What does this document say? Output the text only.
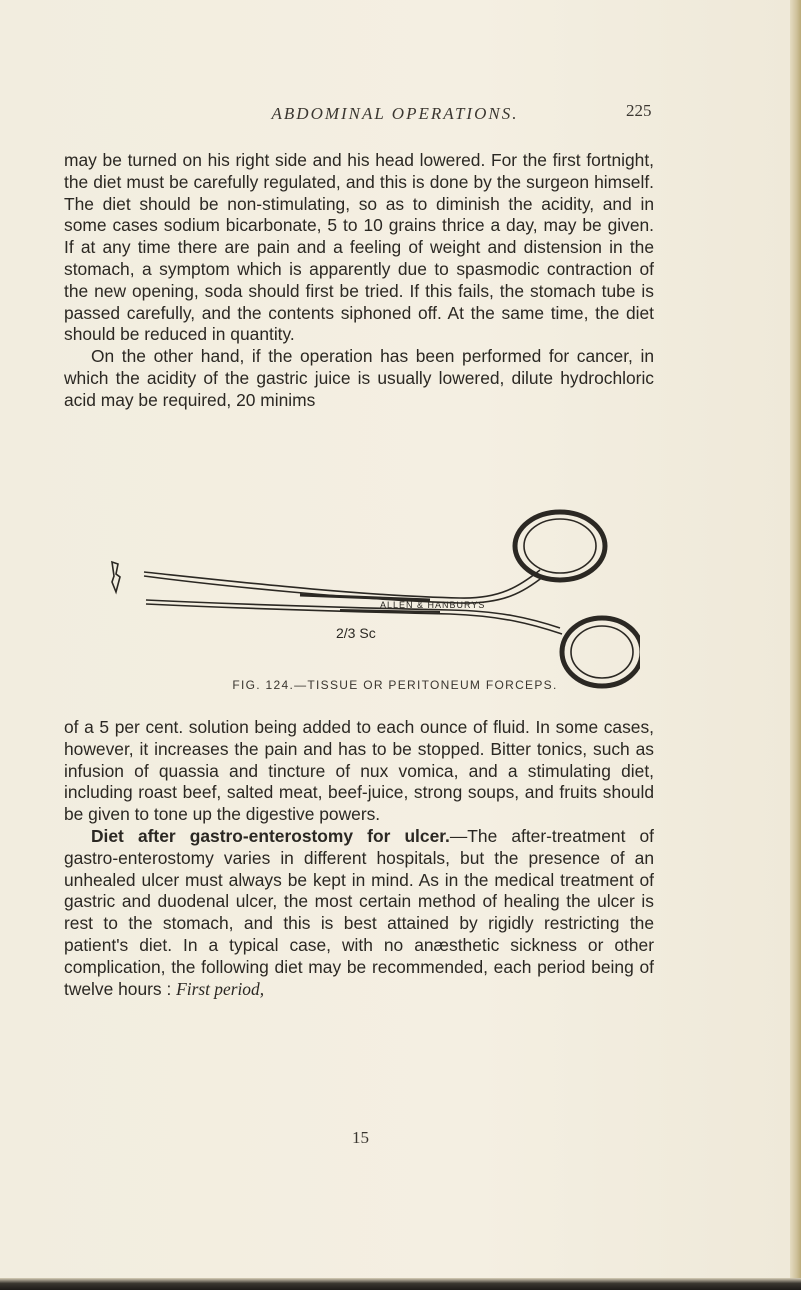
ABDOMINAL OPERATIONS.	225

may be turned on his right side and his head lowered. For the first fortnight, the diet must be carefully regulated, and this is done by the surgeon himself. The diet should be non-stimulating, so as to diminish the acidity, and in some cases sodium bicarbonate, 5 to 10 grains thrice a day, may be given. If at any time there are pain and a feeling of weight and distension in the stomach, a symptom which is apparently due to spasmodic contraction of the new opening, soda should first be tried. If this fails, the stomach tube is passed carefully, and the contents siphoned off. At the same time, the diet should be reduced in quantity.

On the other hand, if the operation has been performed for cancer, in which the acidity of the gastric juice is usually lowered, dilute hydrochloric acid may be required, 20 minims

ALLEN & HANBURYS
2/3 Sc
FIG. 124.—TISSUE OR PERITONEUM FORCEPS.

of a 5 per cent. solution being added to each ounce of fluid. In some cases, however, it increases the pain and has to be stopped. Bitter tonics, such as infusion of quassia and tincture of nux vomica, and a stimulating diet, including roast beef, salted meat, beef-juice, strong soups, and fruits should be given to tone up the digestive powers.

Diet after gastro-enterostomy for ulcer.—The after-treatment of gastro-enterostomy varies in different hospitals, but the presence of an unhealed ulcer must always be kept in mind. As in the medical treatment of gastric and duodenal ulcer, the most certain method of healing the ulcer is rest to the stomach, and this is best attained by rigidly restricting the patient's diet. In a typical case, with no anæsthetic sickness or other complication, the following diet may be recommended, each period being of twelve hours : First period,

15
